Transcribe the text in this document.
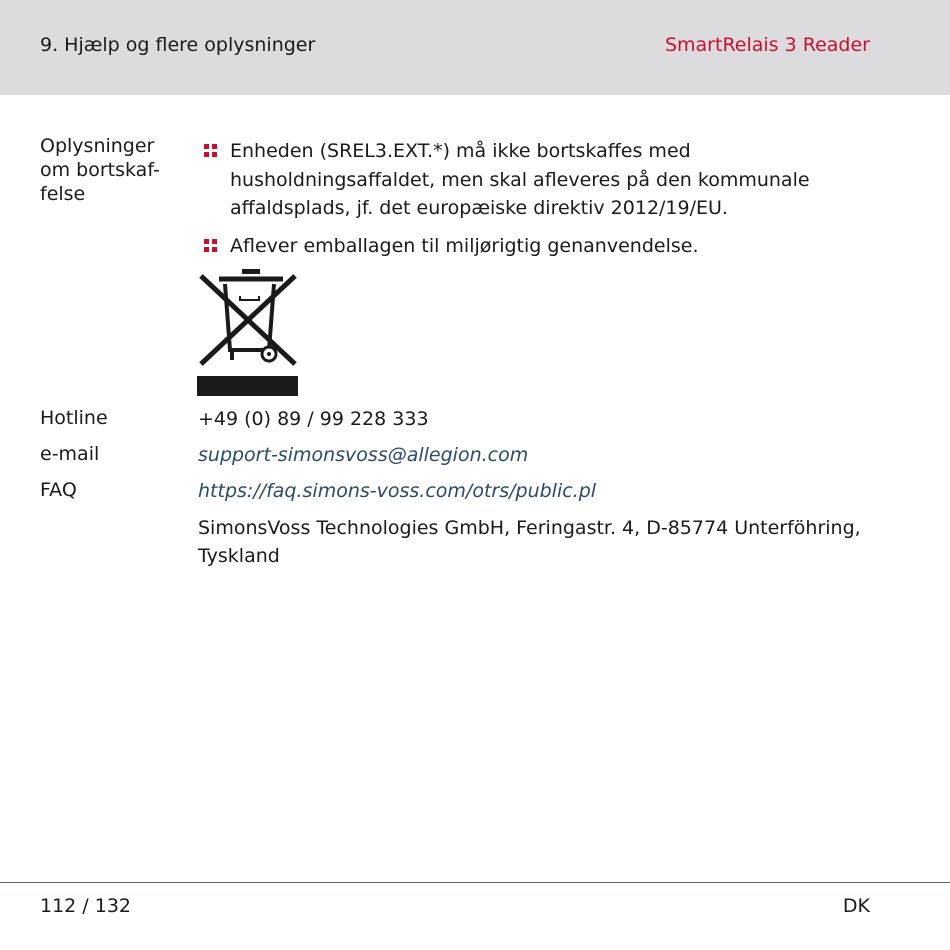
9. Hjælp og flere oplysninger	SmartRelais 3 Reader
Oplysninger om bortskaf- felse
Enheden (SREL3.EXT.*) må ikke bortskaffes med husholdningsaffaldet, men skal afleveres på den kommunale affaldsplads, jf. det europæiske direktiv 2012/19/EU.
Aflever emballagen til miljørigtig genanvendelse.
Hotline	+49 (0) 89 / 99 228 333
e-mail	support-simonsvoss@allegion.com
FAQ	https://faq.simons-voss.com/otrs/public.pl
SimonsVoss Technologies GmbH, Feringastr. 4, D-85774 Unterföhring, Tyskland
112 / 132	DK
